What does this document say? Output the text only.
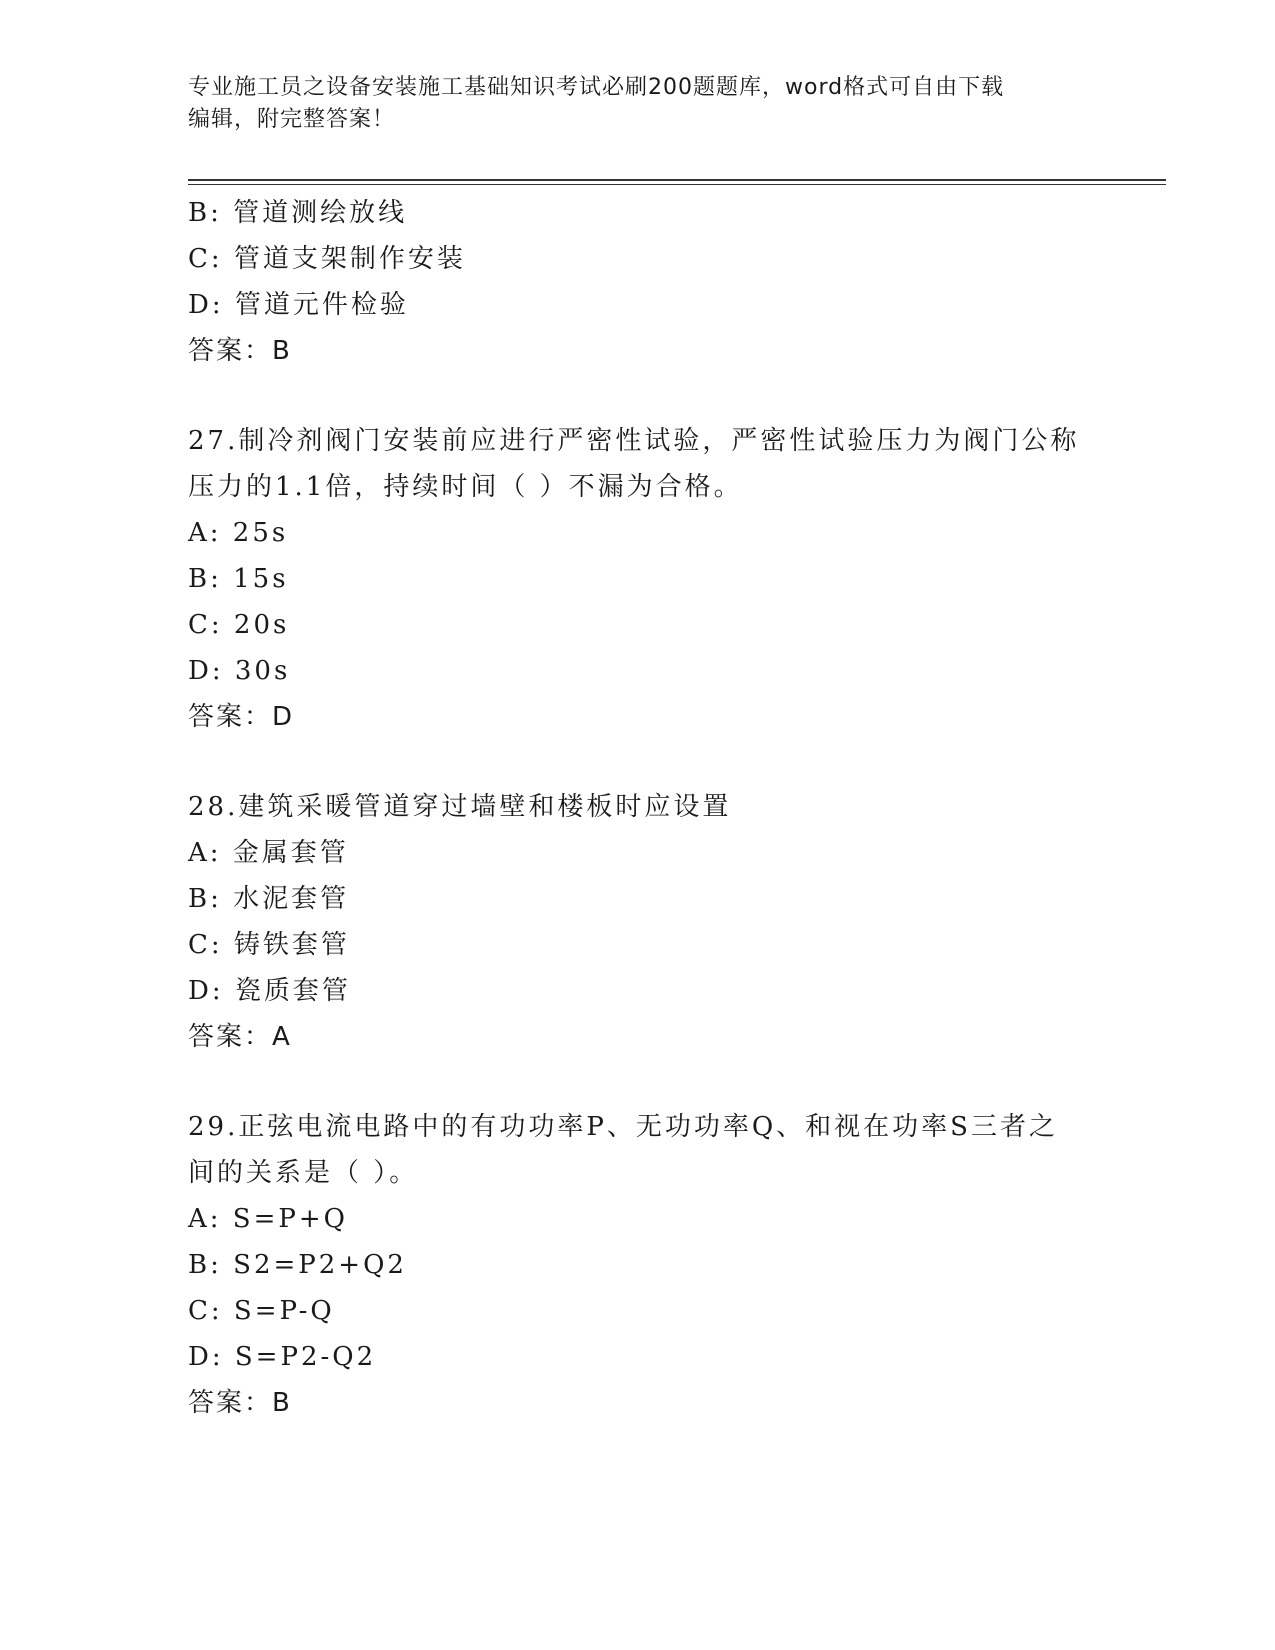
专业施工员之设备安装施工基础知识考试必刷200题题库，word格式可自由下载
编辑，附完整答案！
B: 管道测绘放线
C: 管道支架制作安装
D: 管道元件检验
答案：B
27.制冷剂阀门安装前应进行严密性试验，严密性试验压力为阀门公称
压力的1.1倍，持续时间（ ）不漏为合格。
A: 25s
B: 15s
C: 20s
D: 30s
答案：D
28.建筑采暖管道穿过墙壁和楼板时应设置
A: 金属套管
B: 水泥套管
C: 铸铁套管
D: 瓷质套管
答案：A
29.正弦电流电路中的有功功率P、无功功率Q、和视在功率S三者之
间的关系是（ ）。
A: S=P+Q
B: S2=P2+Q2
C: S=P-Q
D: S=P2-Q2
答案：B
